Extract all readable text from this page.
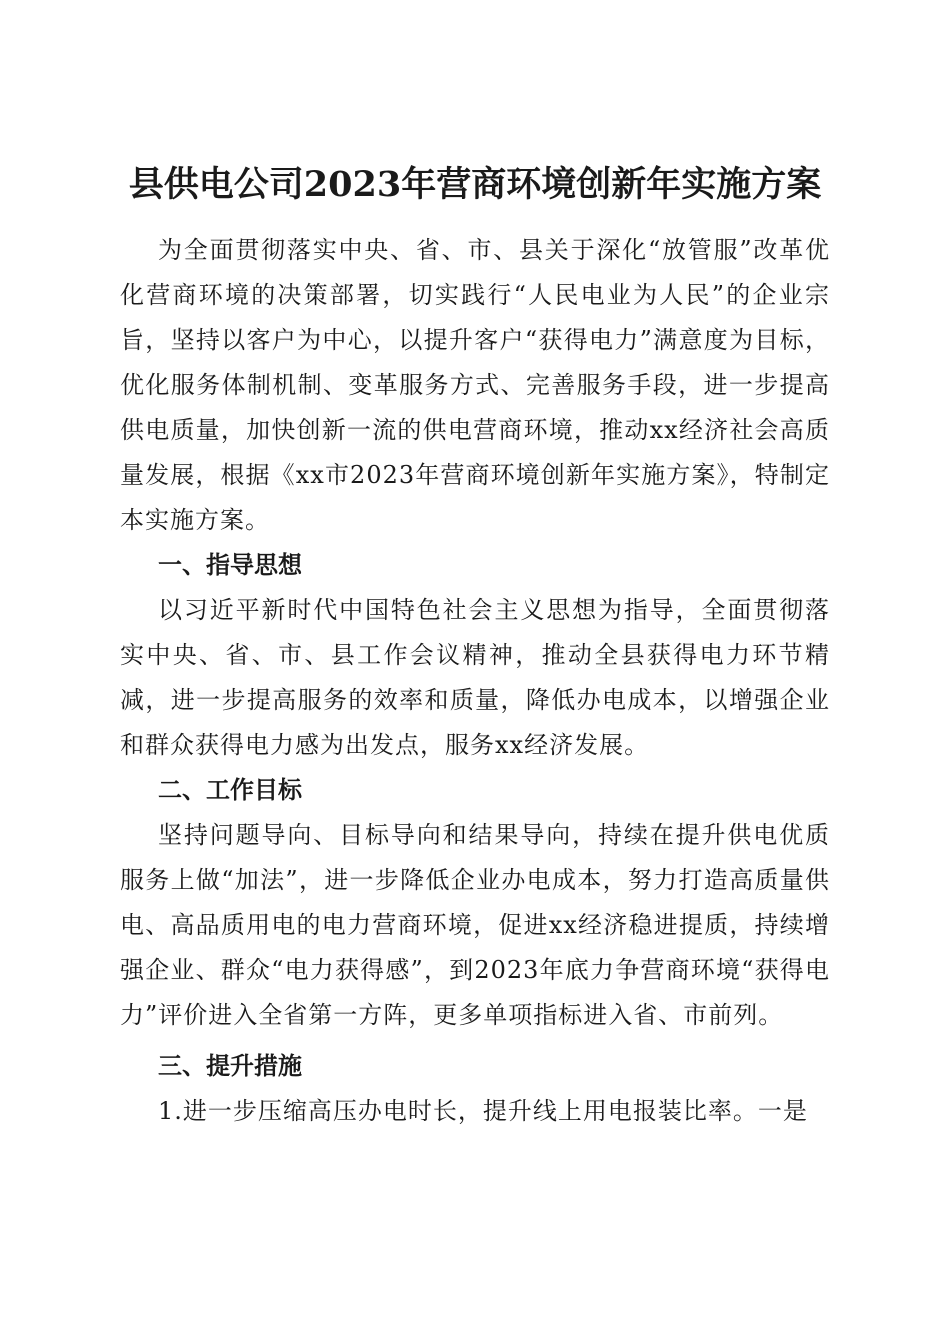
县供电公司2023年营商环境创新年实施方案

为全面贯彻落实中央、省、市、县关于深化“放管服”改革优化营商环境的决策部署，切实践行“人民电业为人民”的企业宗旨，坚持以客户为中心，以提升客户“获得电力”满意度为目标，优化服务体制机制、变革服务方式、完善服务手段，进一步提高供电质量，加快创新一流的供电营商环境，推动xx经济社会高质量发展，根据《xx市2023年营商环境创新年实施方案》，特制定本实施方案。

一、指导思想

以习近平新时代中国特色社会主义思想为指导，全面贯彻落实中央、省、市、县工作会议精神，推动全县获得电力环节精减，进一步提高服务的效率和质量，降低办电成本，以增强企业和群众获得电力感为出发点，服务xx经济发展。

二、工作目标

坚持问题导向、目标导向和结果导向，持续在提升供电优质服务上做“加法”，进一步降低企业办电成本，努力打造高质量供电、高品质用电的电力营商环境，促进xx经济稳进提质，持续增强企业、群众“电力获得感”，到2023年底力争营商环境“获得电力”评价进入全省第一方阵，更多单项指标进入省、市前列。

三、提升措施

1.进一步压缩高压办电时长，提升线上用电报装比率。一是
